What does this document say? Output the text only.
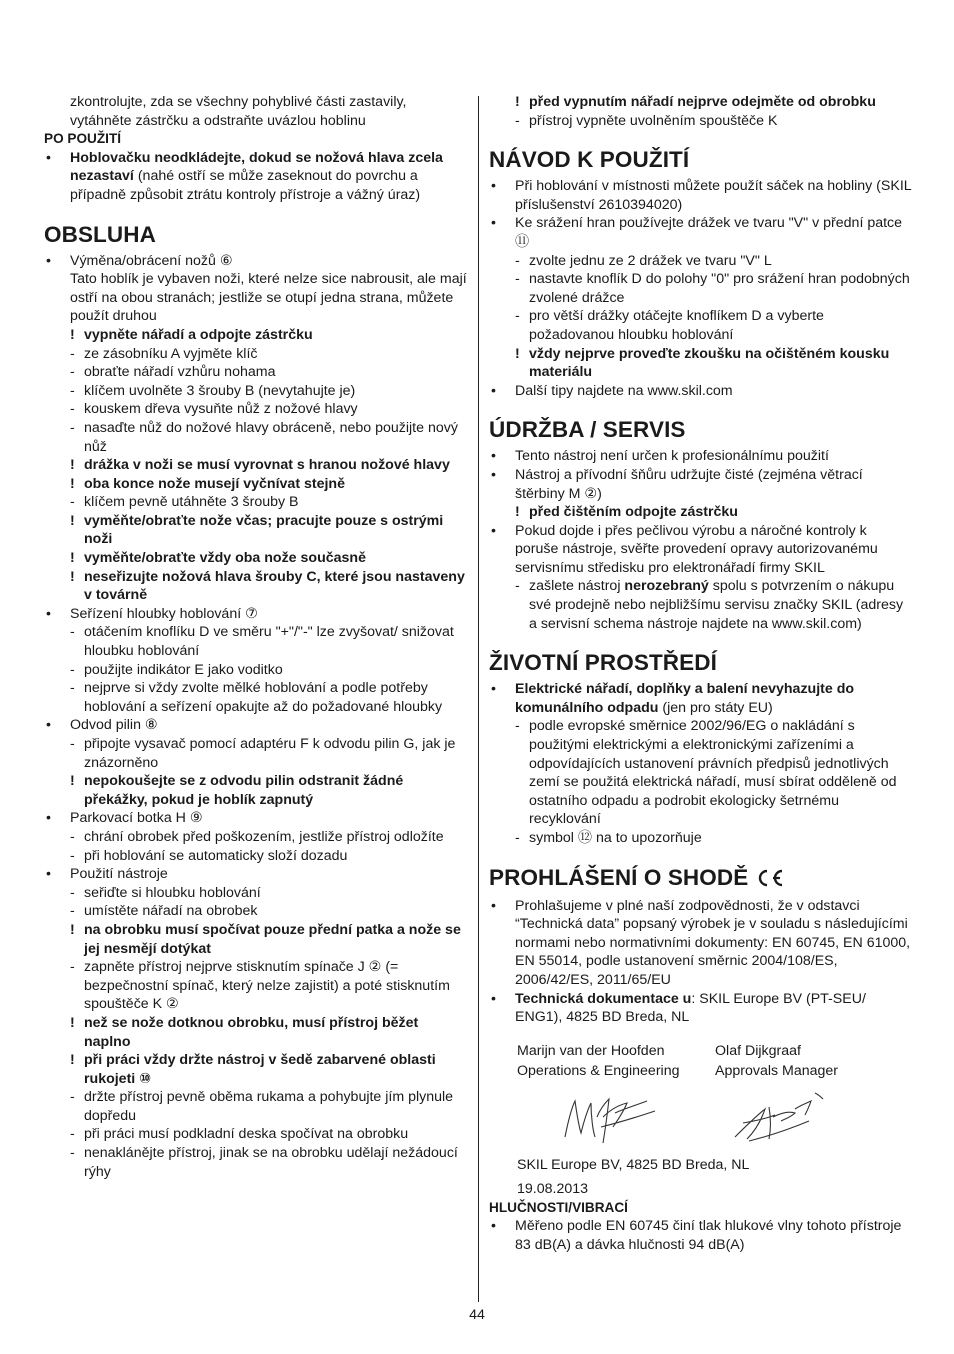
zkontrolujte, zda se všechny pohyblivé části zastavily, vytáhněte zástrčku a odstraňte uvázlou hoblinu

PO POUŽITÍ

• Hoblovačku neodkládejte, dokud se nožová hlava zcela nezastaví (nahé ostří se může zaseknout do povrchu a případně způsobit ztrátu kontroly přístroje a vážný úraz)
OBSLUHA
• Výměna/obrácení nožů ⑥
Tato hoblík je vybaven noži, které nelze sice nabrousit, ale mají ostří na obou stranách; jestliže se otupí jedna strana, můžete použít druhou
! vypněte nářadí a odpojte zástrčku
- ze zásobníku A vyjměte klíč
- obraťte nářadí vzhůru nohama
- klíčem uvolněte 3 šrouby B (nevytahujte je)
- kouskem dřeva vysuňte nůž z nožové hlavy
- nasaďte nůž do nožové hlavy obráceně, nebo použijte nový nůž
! drážka v noži se musí vyrovnat s hranou nožové hlavy
! oba konce nože musejí vyčnívat stejně
- klíčem pevně utáhněte 3 šrouby B
! vyměňte/obraťte nože včas; pracujte pouze s ostrými noži
! vyměňte/obraťte vždy oba nože současně
! neseřizujte nožová hlava šrouby C, které jsou nastaveny v továrně
• Seřízení hloubky hoblování ⑦
- otáčením knoflíku D ve směru "+"/"-" lze zvyšovat/ snižovat hloubku hoblování
- použijte indikátor E jako voditko
- nejprve si vždy zvolte mělké hoblování a podle potřeby hoblování a seřízení opakujte až do požadované hloubky
• Odvod pilin ⑧
- připojte vysavač pomocí adaptéru F k odvodu pilin G, jak je znázorněno
! nepokoušejte se z odvodu pilin odstranit žádné překážky, pokud je hoblík zapnutý
• Parkovací botka H ⑨
- chrání obrobek před poškozením, jestliže přístroj odložíte
- při hoblování se automaticky složí dozadu
• Použití nástroje
- seřiďte si hloubku hoblování
- umístěte nářadí na obrobek
! na obrobku musí spočívat pouze přední patka a nože se jej nesmějí dotýkat
- zapněte přístroj nejprve stisknutím spínače J ② (= bezpečnostní spínač, který nelze zajistit) a poté stisknutím spouštěče K ②
! než se nože dotknou obrobku, musí přístroj běžet naplno
! při práci vždy držte nástroj v šedě zabarvené oblasti rukojeti ⑩
- držte přístroj pevně oběma rukama a pohybujte jím plynule dopředu
- při práci musí podkladní deska spočívat na obrobku
- nenaklánějte přístroj, jinak se na obrobku udělají nežádoucí rýhy
! před vypnutím nářadí nejprve odejměte od obrobku
- přístroj vypněte uvolněním spouštěče K
NÁVOD K POUŽITÍ
• Při hoblování v místnosti můžete použít sáček na hobliny (SKIL příslušenství 2610394020)
• Ke srážení hran používejte drážek ve tvaru "V" v přední patce ⑪
- zvolte jednu ze 2 drážek ve tvaru "V" L
- nastavte knoflík D do polohy "0" pro srážení hran podobných zvolené drážce
- pro větší drážky otáčejte knoflíkem D a vyberte požadovanou hloubku hoblování
! vždy nejprve proveďte zkoušku na očištěném kousku materiálu
• Další tipy najdete na www.skil.com
ÚDRŽBA / SERVIS
• Tento nástroj není určen k profesionálnímu použití
• Nástroj a přívodní šňůru udržujte čisté (zejména větrací štěrbiny M ②)
! před čištěním odpojte zástrčku
• Pokud dojde i přes pečlivou výrobu a náročné kontroly k poruše nástroje, svěřte provedení opravy autorizovanému servisnímu středisku pro elektronářadí firmy SKIL
- zašlete nástroj nerozebraný spolu s potvrzením o nákupu své prodejně nebo nejbližšímu servisu značky SKIL (adresy a servisní schema nástroje najdete na www.skil.com)
ŽIVOTNÍ PROSTŘEDÍ
• Elektrické nářadí, doplňky a balení nevyhazujte do komunálního odpadu (jen pro státy EU)
- podle evropské směrnice 2002/96/EG o nakládání s použitými elektrickými a elektronickými zařízeními a odpovídajících ustanovení právních předpisů jednotlivých zemí se použitá elektrická nářadí, musí sbírat odděleně od ostatního odpadu a podrobit ekologicky šetrnému recyklování
- symbol ⑫ na to upozorňuje
PROHLÁŠENÍ O SHODĚ
• Prohlašujeme v plné naší zodpovědnosti, že v odstavci “Technická data” popsaný výrobek je v souladu s následujícími normami nebo normativními dokumenty: EN 60745, EN 61000, EN 55014, podle ustanovení směrnic 2004/108/ES, 2006/42/ES, 2011/65/EU
• Technická dokumentace u: SKIL Europe BV (PT-SEU/ ENG1), 4825 BD Breda, NL
Marijn van der Hoofden
Operations & Engineering
Olaf Dijkgraaf
Approvals Manager
SKIL Europe BV, 4825 BD Breda, NL
19.08.2013

HLUČNOSTI/VIBRACÍ

• Měřeno podle EN 60745 činí tlak hlukové vlny tohoto přístroje 83 dB(A) a dávka hlučnosti 94 dB(A)
44
